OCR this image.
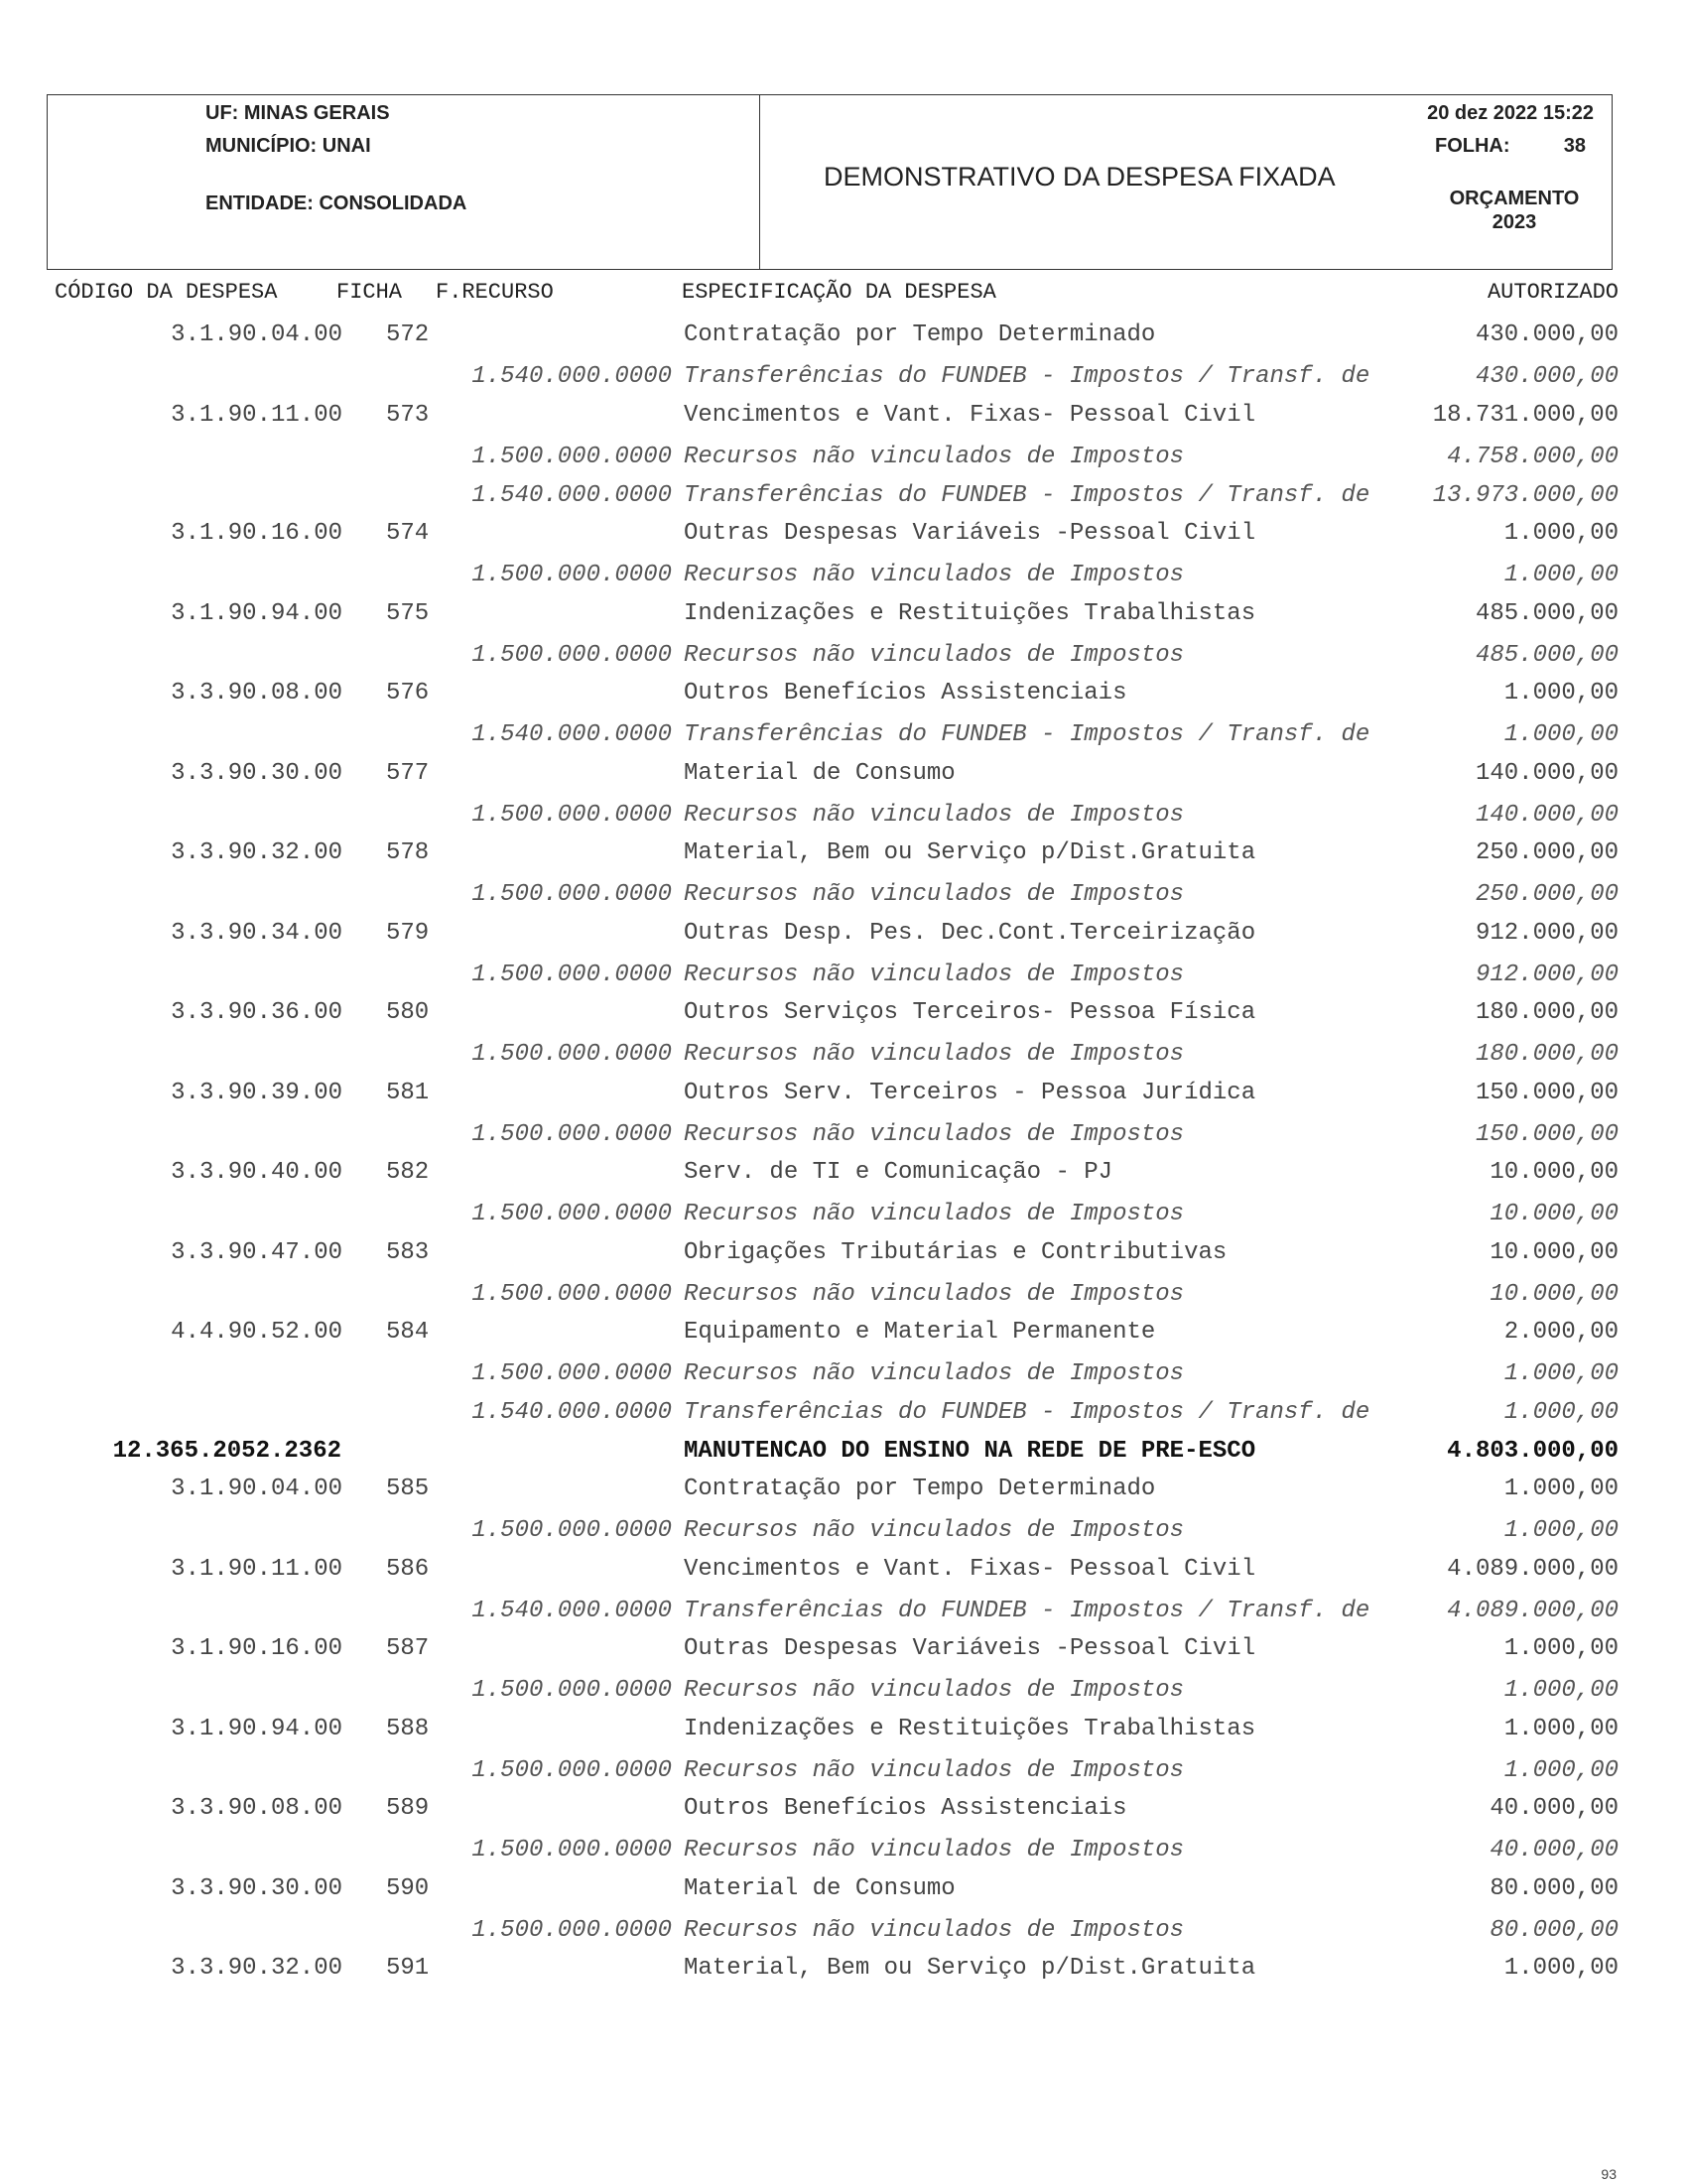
UF: MINAS GERAIS
MUNICÍPIO: UNAI
ENTIDADE: CONSOLIDADA
DEMONSTRATIVO DA DESPESA FIXADA
20 dez 2022 15:22
FOLHA:	38
ORÇAMENTO
2023
CÓDIGO DA DESPESA	FICHA F.RECURSO	ESPECIFICAÇÃO DA DESPESA	AUTORIZADO
3.1.90.04.00 572	Contratação por Tempo Determinado	430.000,00
1.540.000.0000 Transferências do FUNDEB - Impostos / Transf. de	430.000,00
3.1.90.11.00 573	Vencimentos e Vant. Fixas- Pessoal Civil	18.731.000,00
1.500.000.0000 Recursos não vinculados de Impostos	4.758.000,00
1.540.000.0000 Transferências do FUNDEB - Impostos / Transf. de	13.973.000,00
3.1.90.16.00 574	Outras Despesas Variáveis -Pessoal Civil	1.000,00
1.500.000.0000 Recursos não vinculados de Impostos	1.000,00
3.1.90.94.00 575	Indenizações e Restituições Trabalhistas	485.000,00
1.500.000.0000 Recursos não vinculados de Impostos	485.000,00
3.3.90.08.00 576	Outros Benefícios Assistenciais	1.000,00
1.540.000.0000 Transferências do FUNDEB - Impostos / Transf. de	1.000,00
3.3.90.30.00 577	Material de Consumo	140.000,00
1.500.000.0000 Recursos não vinculados de Impostos	140.000,00
3.3.90.32.00 578	Material, Bem ou Serviço p/Dist.Gratuita	250.000,00
1.500.000.0000 Recursos não vinculados de Impostos	250.000,00
3.3.90.34.00 579	Outras Desp. Pes. Dec.Cont.Terceirização	912.000,00
1.500.000.0000 Recursos não vinculados de Impostos	912.000,00
3.3.90.36.00 580	Outros Serviços Terceiros- Pessoa Física	180.000,00
1.500.000.0000 Recursos não vinculados de Impostos	180.000,00
3.3.90.39.00 581	Outros Serv. Terceiros - Pessoa Jurídica	150.000,00
1.500.000.0000 Recursos não vinculados de Impostos	150.000,00
3.3.90.40.00 582	Serv. de TI e Comunicação - PJ	10.000,00
1.500.000.0000 Recursos não vinculados de Impostos	10.000,00
3.3.90.47.00 583	Obrigações Tributárias e Contributivas	10.000,00
1.500.000.0000 Recursos não vinculados de Impostos	10.000,00
4.4.90.52.00 584	Equipamento e Material Permanente	2.000,00
1.500.000.0000 Recursos não vinculados de Impostos	1.000,00
1.540.000.0000 Transferências do FUNDEB - Impostos / Transf. de	1.000,00
12.365.2052.2362	MANUTENCAO DO ENSINO NA REDE DE PRE-ESCO	4.803.000,00
3.1.90.04.00 585	Contratação por Tempo Determinado	1.000,00
1.500.000.0000 Recursos não vinculados de Impostos	1.000,00
3.1.90.11.00 586	Vencimentos e Vant. Fixas- Pessoal Civil	4.089.000,00
1.540.000.0000 Transferências do FUNDEB - Impostos / Transf. de	4.089.000,00
3.1.90.16.00 587	Outras Despesas Variáveis -Pessoal Civil	1.000,00
1.500.000.0000 Recursos não vinculados de Impostos	1.000,00
3.1.90.94.00 588	Indenizações e Restituições Trabalhistas	1.000,00
1.500.000.0000 Recursos não vinculados de Impostos	1.000,00
3.3.90.08.00 589	Outros Benefícios Assistenciais	40.000,00
1.500.000.0000 Recursos não vinculados de Impostos	40.000,00
3.3.90.30.00 590	Material de Consumo	80.000,00
1.500.000.0000 Recursos não vinculados de Impostos	80.000,00
3.3.90.32.00 591	Material, Bem ou Serviço p/Dist.Gratuita	1.000,00
93
